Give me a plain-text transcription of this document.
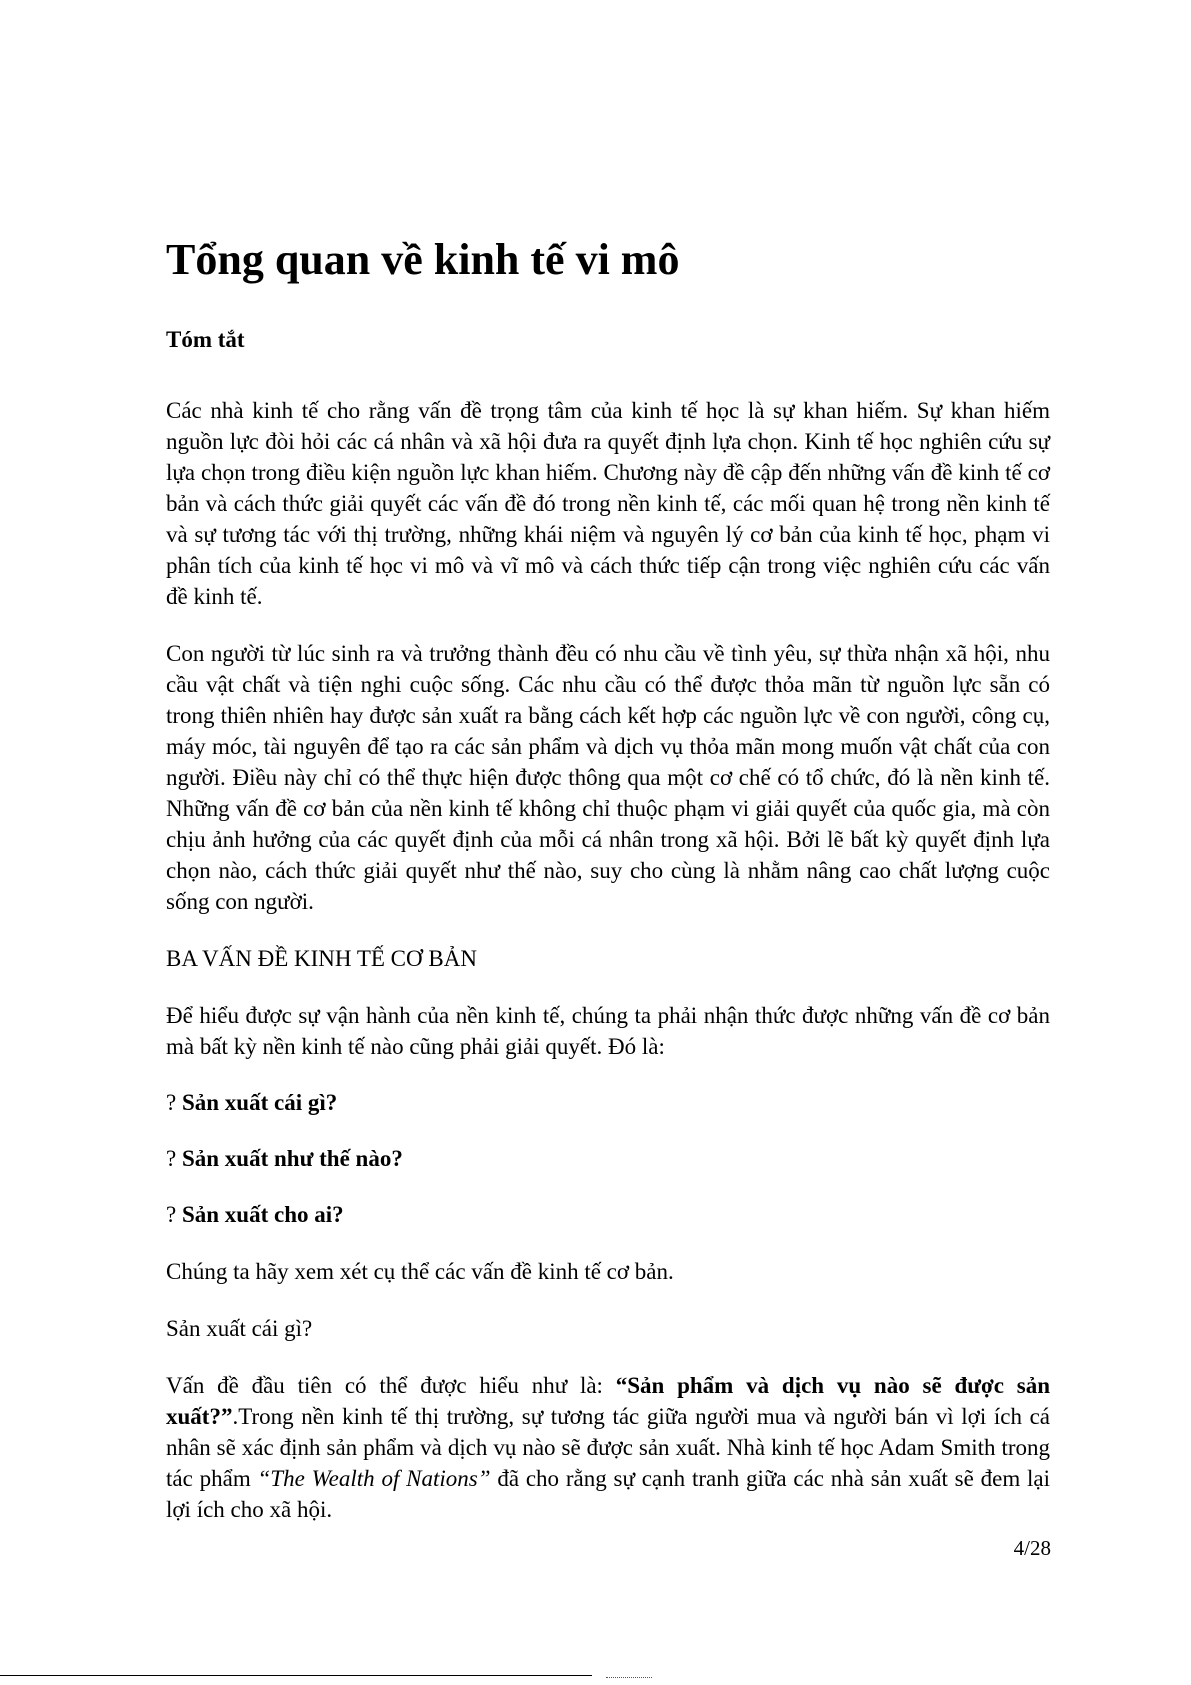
Tổng quan về kinh tế vi mô
Tóm tắt

Các nhà kinh tế cho rằng vấn đề trọng tâm của kinh tế học là sự khan hiếm. Sự khan hiếm nguồn lực đòi hỏi các cá nhân và xã hội đưa ra quyết định lựa chọn. Kinh tế học nghiên cứu sự lựa chọn trong điều kiện nguồn lực khan hiếm. Chương này đề cập đến những vấn đề kinh tế cơ bản và cách thức giải quyết các vấn đề đó trong nền kinh tế, các mối quan hệ trong nền kinh tế và sự tương tác với thị trường, những khái niệm và nguyên lý cơ bản của kinh tế học, phạm vi phân tích của kinh tế học vi mô và vĩ mô và cách thức tiếp cận trong việc nghiên cứu các vấn đề kinh tế.

Con người từ lúc sinh ra và trưởng thành đều có nhu cầu về tình yêu, sự thừa nhận xã hội, nhu cầu vật chất và tiện nghi cuộc sống. Các nhu cầu có thể được thỏa mãn từ nguồn lực sẵn có trong thiên nhiên hay được sản xuất ra bằng cách kết hợp các nguồn lực về con người, công cụ, máy móc, tài nguyên để tạo ra các sản phẩm và dịch vụ thỏa mãn mong muốn vật chất của con người. Điều này chỉ có thể thực hiện được thông qua một cơ chế có tổ chức, đó là nền kinh tế. Những vấn đề cơ bản của nền kinh tế không chỉ thuộc phạm vi giải quyết của quốc gia, mà còn chịu ảnh hưởng của các quyết định của mỗi cá nhân trong xã hội. Bởi lẽ bất kỳ quyết định lựa chọn nào, cách thức giải quyết như thế nào, suy cho cùng là nhằm nâng cao chất lượng cuộc sống con người.

BA VẤN ĐỀ KINH TẾ CƠ BẢN

Để hiểu được sự vận hành của nền kinh tế, chúng ta phải nhận thức được những vấn đề cơ bản mà bất kỳ nền kinh tế nào cũng phải giải quyết. Đó là:

? Sản xuất cái gì?

? Sản xuất như thế nào?

? Sản xuất cho ai?

Chúng ta hãy xem xét cụ thể các vấn đề kinh tế cơ bản.

Sản xuất cái gì?

Vấn đề đầu tiên có thể được hiểu như là: “Sản phẩm và dịch vụ nào sẽ được sản xuất?”.Trong nền kinh tế thị trường, sự tương tác giữa người mua và người bán vì lợi ích cá nhân sẽ xác định sản phẩm và dịch vụ nào sẽ được sản xuất. Nhà kinh tế học Adam Smith trong tác phẩm “The Wealth of Nations” đã cho rằng sự cạnh tranh giữa các nhà sản xuất sẽ đem lại lợi ích cho xã hội.

4/28
